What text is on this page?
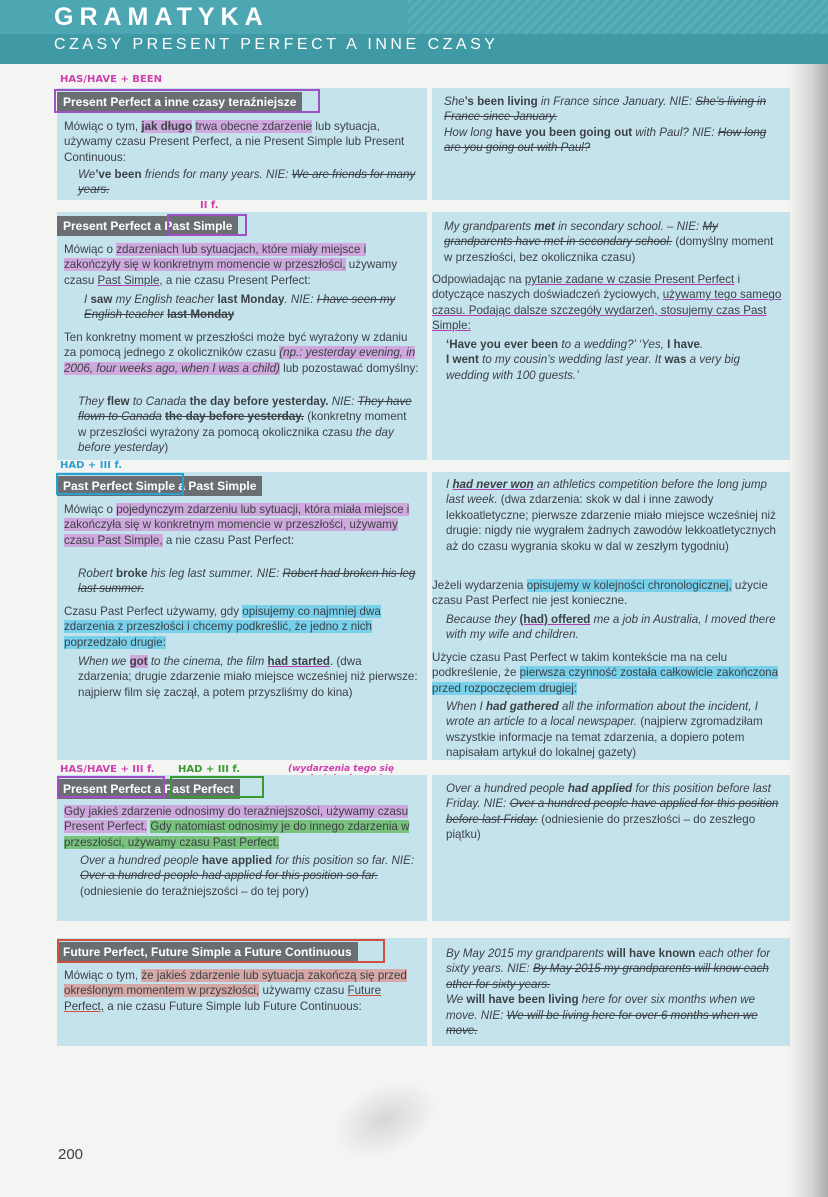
GRAMATYKA
CZASY PRESENT PERFECT A INNE CZASY
HAS/HAVE + BEEN
Present Perfect a inne czasy teraźniejsze
Mówiąc o tym, jak długo trwa obecne zdarzenie lub sytuacja, używamy czasu Present Perfect, a nie Present Simple lub Present Continuous:
We’ve been friends for many years. NIE: We are friends for many years.
She’s been living in France since January. NIE: She’s living in France since January.
How long have you been going out with Paul? NIE: How long are you going out with Paul?
II f.
Present Perfect a Past Simple
Mówiąc o zdarzeniach lub sytuacjach, które miały miejsce i zakończyły się w konkretnym momencie w przeszłości, używamy czasu Past Simple, a nie czasu Present Perfect:
I saw my English teacher last Monday. NIE: I have seen my English teacher last Monday
Ten konkretny moment w przeszłości może być wyrażony w zdaniu za pomocą jednego z okoliczników czasu (np.: yesterday evening, in 2006, four weeks ago, when I was a child) lub pozostawać domyślny:
They flew to Canada the day before yesterday. NIE: They have flown to Canada the day before yesterday. (konkretny moment w przeszłości wyrażony za pomocą okolicznika czasu the day before yesterday)
My grandparents met in secondary school. – NIE: My grandparents have met in secondary school. (domyślny moment w przeszłości, bez okolicznika czasu)
Odpowiadając na pytanie zadane w czasie Present Perfect i dotyczące naszych doświadczeń życiowych, używamy tego samego czasu. Podając dalsze szczegóły wydarzeń, stosujemy czas Past Simple:
‘Have you ever been to a wedding?’ ‘Yes, I have.
I went to my cousin’s wedding last year. It was a very big wedding with 100 guests.’
HAD + III f.
Past Perfect Simple a Past Simple
Mówiąc o pojedynczym zdarzeniu lub sytuacji, która miała miejsce i zakończyła się w konkretnym momencie w przeszłości, używamy czasu Past Simple, a nie czasu Past Perfect:
Robert broke his leg last summer. NIE: Robert had broken his leg last summer.
Czasu Past Perfect używamy, gdy opisujemy co najmniej dwa zdarzenia z przeszłości i chcemy podkreślić, że jedno z nich poprzedzało drugie:
When we got to the cinema, the film had started. (dwa zdarzenia; drugie zdarzenie miało miejsce wcześniej niż pierwsze: najpierw film się zaczął, a potem przyszliśmy do kina)
I had never won an athletics competition before the long jump last week. (dwa zdarzenia: skok w dal i inne zawody lekkoatletyczne; pierwsze zdarzenie miało miejsce wcześniej niż drugie: nigdy nie wygrałem żadnych zawodów lekkoatletycznych aż do czasu wygrania skoku w dal w zeszłym tygodniu)
Jeżeli wydarzenia opisujemy w kolejności chronologicznej, użycie czasu Past Perfect nie jest konieczne.
Because they (had) offered me a job in Australia, I moved there with my wife and children.
Użycie czasu Past Perfect w takim kontekście ma na celu podkreślenie, że pierwsza czynność została całkowicie zakończona przed rozpoczęciem drugiej:
When I had gathered all the information about the incident, I wrote an article to a local newspaper. (najpierw zgromadziłam wszystkie informacje na temat zdarzenia, a dopiero potem napisałam artykuł do lokalnej gazety)
HAS/HAVE + III f. HAD + III f.	(wydarzenia tego się

Present Perfect a Past Perfect
Gdy jakieś zdarzenie odnosimy do teraźniejszości, używamy czasu Present Perfect. Gdy natomiast odnosimy je do innego zdarzenia w przeszłości, używamy czasu Past Perfect.
Over a hundred people have applied for this position so far. NIE: Over a hundred people had applied for this position so far. (odniesienie do teraźniejszości – do tej pory)
Over a hundred people had applied for this position before last Friday. NIE: Over a hundred people have applied for this position before last Friday. (odniesienie do przeszłości – do zeszłego piątku)
Future Perfect, Future Simple a Future Continuous
Mówiąc o tym, że jakieś zdarzenie lub sytuacja zakończą się przed określonym momentem w przyszłości, używamy czasu Future Perfect, a nie czasu Future Simple lub Future Continuous:
By May 2015 my grandparents will have known each other for sixty years. NIE: By May 2015 my grandparents will know each other for sixty years.
We will have been living here for over six months when we move. NIE: We will be living here for over 6 months when we move.
200
